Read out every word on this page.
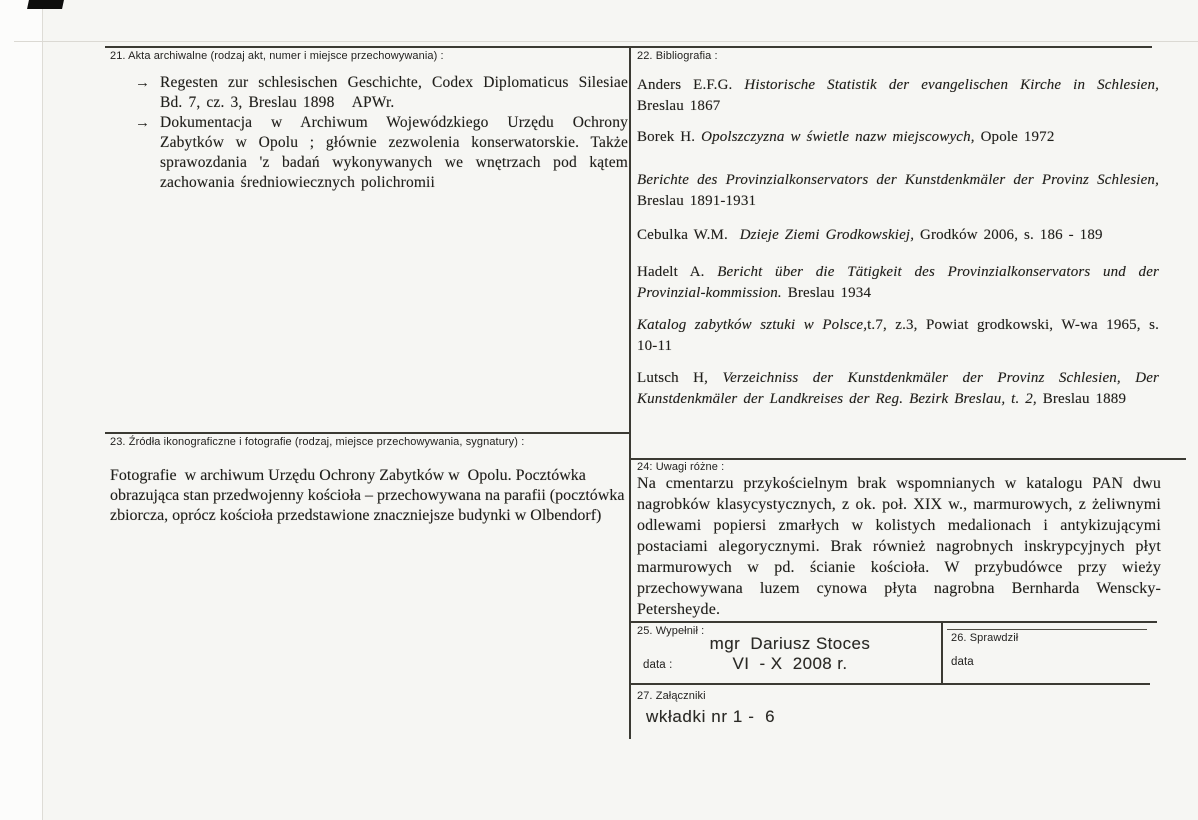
21. Akta archiwalne (rodzaj akt, numer i miejsce przechowywania) :
→ Regesten zur schlesischen Geschichte, Codex Diplomaticus Silesiae Bd. 7, cz. 3, Breslau 1898   APWr.
→ Dokumentacja w Archiwum Wojewódzkiego Urzędu Ochrony Zabytków w Opolu ; głównie zezwolenia konserwatorskie. Także sprawozdania 'z badań wykonywanych we wnętrzach pod kątem zachowania średniowiecznych polichromii
22. Bibliografia :
Anders E.F.G. Historische Statistik der evangelischen Kirche in Schlesien, Breslau 1867
Borek H. Opolszczyzna w świetle nazw miejscowych, Opole 1972
Berichte des Provinzialkonservators der Kunstdenkmäler der Provinz Schlesien, Breslau 1891-1931
Cebulka W.M.  Dzieje Ziemi Grodkowskiej, Grodków 2006, s. 186 - 189
Hadelt A. Bericht über die Tätigkeit des Provinzialkonservators und der Provinzial-kommission. Breslau 1934
Katalog zabytków sztuki w Polsce,t.7, z.3, Powiat grodkowski, W-wa 1965, s. 10-11
Lutsch H, Verzeichniss der Kunstdenkmäler der Provinz Schlesien, Der Kunstdenkmäler der Landkreises der Reg. Bezirk Breslau, t. 2, Breslau 1889
23. Źródła ikonograficzne i fotografie (rodzaj, miejsce przechowywania, sygnatury) :
Fotografie  w archiwum Urzędu Ochrony Zabytków w  Opolu. Pocztówka obrazująca stan przedwojenny kościoła – przechowywana na parafii (pocztówka zbiorcza, oprócz kościoła przedstawione znaczniejsze budynki w Olbendorf)
24: Uwagi różne :
Na cmentarzu przykościelnym brak wspomnianych w katalogu PAN dwu nagrobków klasycystycznych, z ok. poł. XIX w., marmurowych, z żeliwnymi odlewami popiersi zmarłych w kolistych medalionach i antykizującymi postaciami alegorycznymi. Brak również nagrobnych inskrypcyjnych płyt marmurowych w pd. ścianie kościoła. W przybudówce przy wieży przechowywana luzem cynowa płyta nagrobna Bernharda Wenscky-Petersheyde.
25. Wypełnił :
mgr  Dariusz Stoces
data :	VI  - X  2008 r.
26. Sprawdził
data
27. Załączniki
wkładki nr 1 -  6
